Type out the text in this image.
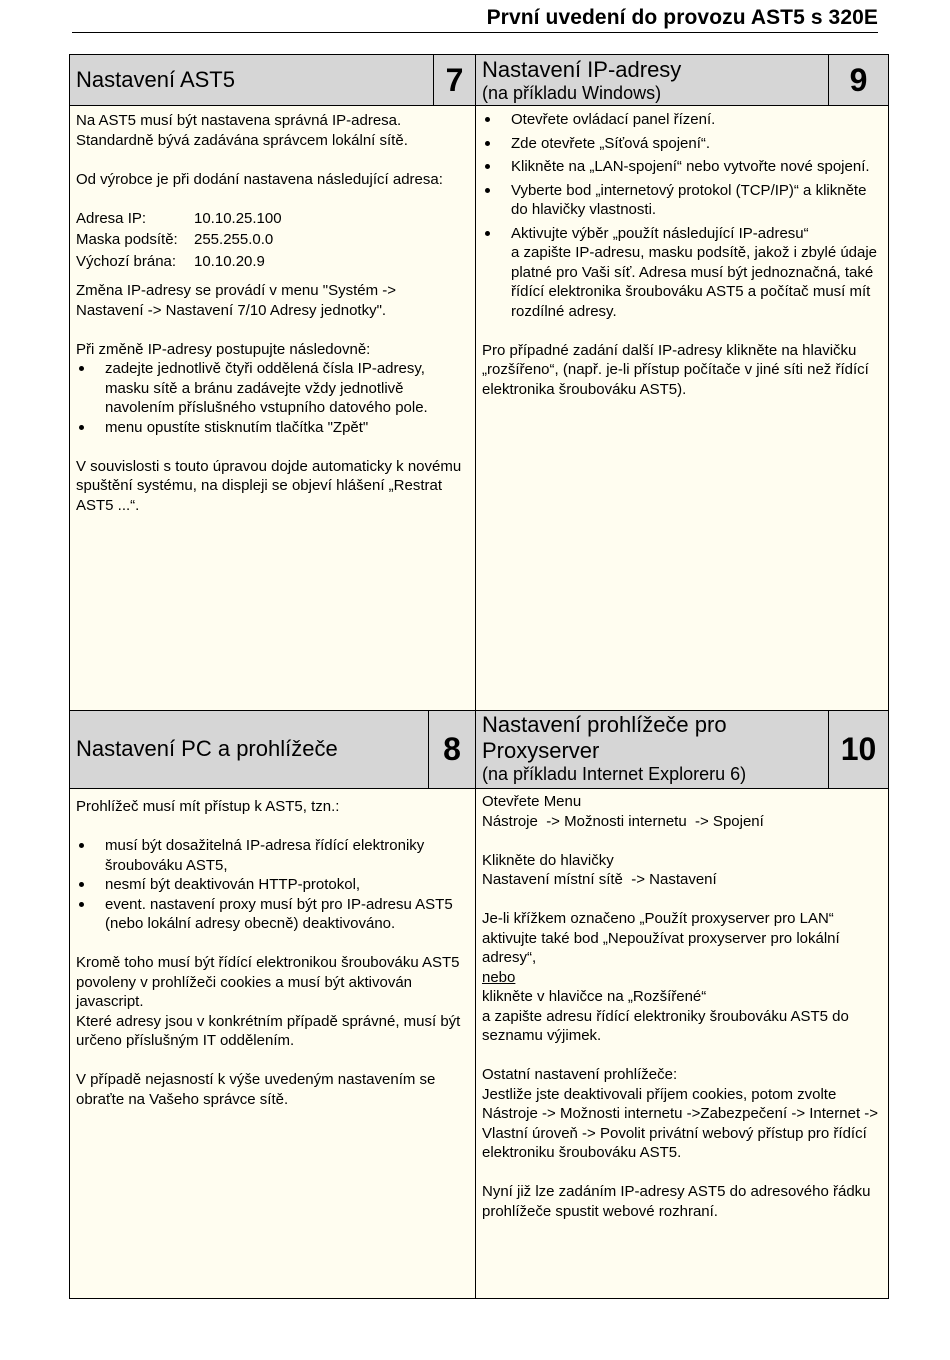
První uvedení do provozu AST5 s 320E
Nastavení AST5	7

Na AST5 musí být nastavena správná IP-adresa. Standardně bývá zadávána správcem lokální sítě.

Od výrobce je při dodání nastavena následující adresa:

Adresa IP:	10.10.25.100
Maska podsítě:	255.255.0.0
Výchozí brána:	10.10.20.9

Změna IP-adresy se provádí v menu "Systém -> Nastavení -> Nastavení 7/10 Adresy jednotky".

Při změně IP-adresy postupujte následovně:

zadejte jednotlivě čtyři oddělená čísla IP-adresy, masku sítě a bránu zadávejte vždy jednotlivě navolením příslušného vstupního datového pole.
menu opustíte stisknutím tlačítka "Zpět"

V souvislosti s touto úpravou dojde automaticky k novému spuštění systému, na displeji se objeví hlášení „Restrat AST5 ...“.

Nastavení IP-adresy
(na příkladu Windows)	9
Otevřete ovládací panel řízení.
Zde otevřete „Síťová spojení“.
Klikněte na „LAN-spojení“ nebo vytvořte nové spojení.
Vyberte bod „internetový protokol (TCP/IP)“ a klikněte do hlavičky vlastnosti.
Aktivujte výběr „použít následující IP-adresu“

a zapište IP-adresu, masku podsítě, jakož i zbylé údaje platné pro Vaši síť. Adresa musí být jednoznačná, také řídící elektronika šroubováku AST5 a počítač musí mít rozdílné adresy.

Pro případné zadání další IP-adresy klikněte na hlavičku „rozšířeno“, (např. je-li přístup počítače v jiné síti než řídící elektronika šroubováku AST5).

Nastavení PC a prohlížeče	8

Prohlížeč musí mít přístup k AST5, tzn.:

musí být dosažitelná IP-adresa řídící elektroniky šroubováku AST5,
nesmí být deaktivován HTTP-protokol,
event. nastavení proxy musí být pro IP-adresu AST5 (nebo lokální adresy obecně) deaktivováno.

Kromě toho musí být řídící elektronikou šroubováku AST5 povoleny v prohlížeči cookies a musí být aktivován javascript.

Které adresy jsou v konkrétním případě správné, musí být určeno příslušným IT oddělením.

V případě nejasností k výše uvedeným nastavením se obraťte na Vašeho správce sítě.

Nastavení prohlížeče pro
Proxyserver
(na příkladu Internet Exploreru 6)
10

Otevřete Menu

Nástroje  -> Možnosti internetu  -> Spojení

Klikněte do hlavičky

Nastavení místní sítě  -> Nastavení

Je-li křížkem označeno „Použít proxyserver pro LAN“ aktivujte také bod „Nepoužívat proxyserver pro lokální adresy“,

nebo

klikněte v hlavičce na „Rozšířené“

a zapište adresu řídící elektroniky šroubováku AST5 do seznamu výjimek.

Ostatní nastavení prohlížeče:

Jestliže jste deaktivovali příjem cookies, potom zvolte Nástroje -> Možnosti internetu ->Zabezpečení -> Internet -> Vlastní úroveň -> Povolit privátní webový přístup pro řídící elektroniku šroubováku AST5.

Nyní již lze zadáním IP-adresy AST5 do adresového řádku prohlížeče spustit webové rozhraní.
